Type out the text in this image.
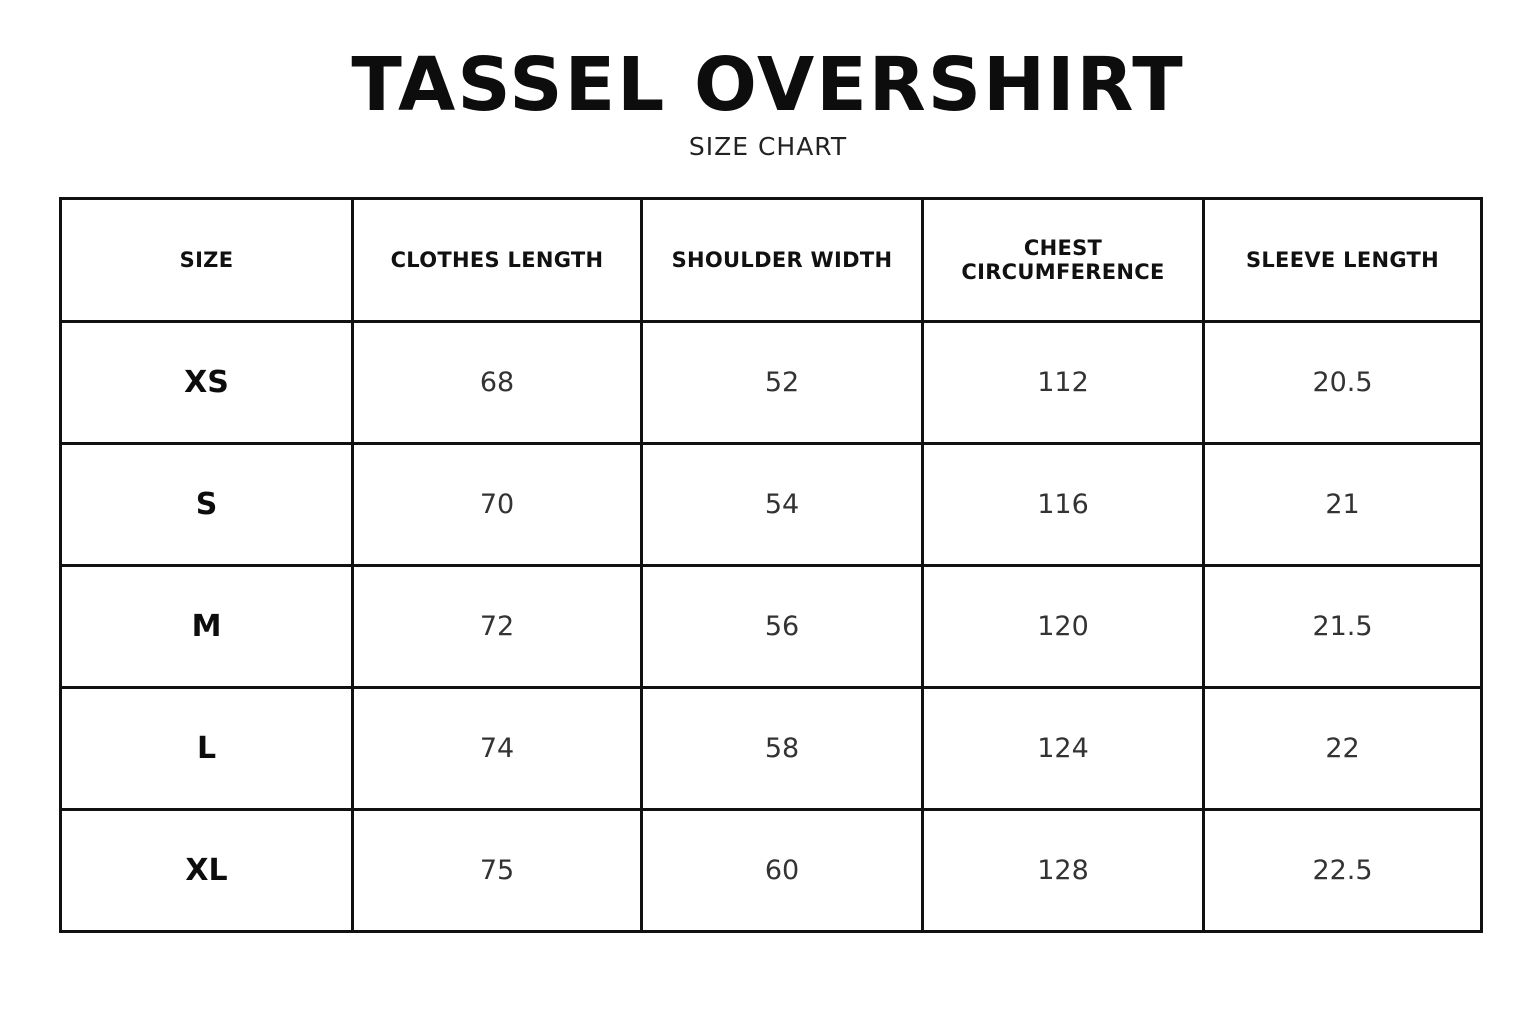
TASSEL OVERSHIRT
SIZE CHART
SIZE	CLOTHES LENGTH	SHOULDER WIDTH	CHEST CIRCUMFERENCE	SLEEVE LENGTH
XS	68	52	112	20.5
S	70	54	116	21
M	72	56	120	21.5
L	74	58	124	22
XL	75	60	128	22.5
